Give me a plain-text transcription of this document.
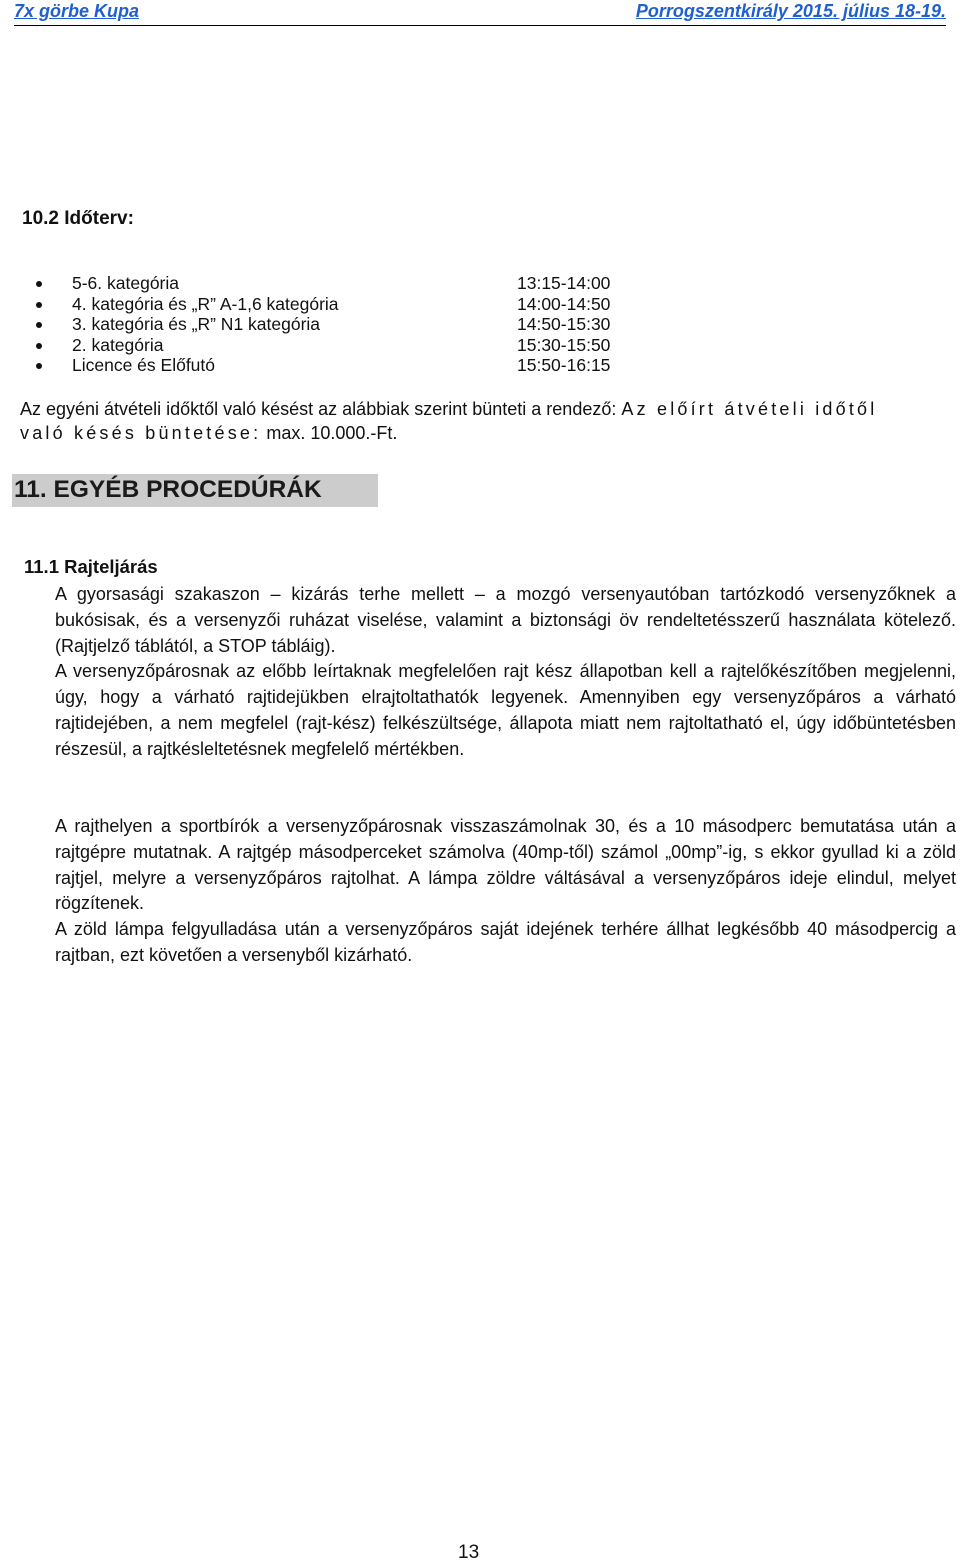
7x görbe Kupa	Porrogszentkirály 2015. július 18-19.
10.2 Időterv:
5-6. kategória	13:15-14:00
4. kategória és „R” A-1,6 kategória	14:00-14:50
3. kategória és „R” N1 kategória	14:50-15:30
2. kategória	15:30-15:50
Licence és Előfutó	15:50-16:15
Az egyéni átvételi időktől való késést az alábbiak szerint bünteti a rendező: Az előírt átvételi időtől való késés büntetése: max. 10.000.-Ft.
11. EGYÉB PROCEDÚRÁK
11.1 Rajteljárás

A gyorsasági szakaszon – kizárás terhe mellett – a mozgó versenyautóban tartózkodó versenyzőknek a bukósisak, és a versenyzői ruházat viselése, valamint a biztonsági öv rendeltetésszerű használata kötelező. (Rajtjelző táblától, a STOP tábláig).

A versenyzőpárosnak az előbb leírtaknak megfelelően rajt kész állapotban kell a rajtelőkészítőben megjelenni, úgy, hogy a várható rajtidejükben elrajtoltathatók legyenek. Amennyiben egy versenyzőpáros a várható rajtidejében, a nem megfelel (rajt-kész) felkészültsége, állapota miatt nem rajtoltatható el, úgy időbüntetésben részesül, a rajtkésleltetésnek megfelelő mértékben.

A rajthelyen a sportbírók a versenyzőpárosnak visszaszámolnak 30, és a 10 másodperc bemutatása után a rajtgépre mutatnak. A rajtgép másodperceket számolva (40mp-től) számol „00mp”-ig, s ekkor gyullad ki a zöld rajtjel, melyre a versenyzőpáros rajtolhat. A lámpa zöldre váltásával a versenyzőpáros ideje elindul, melyet rögzítenek.

A zöld lámpa felgyulladása után a versenyzőpáros saját idejének terhére állhat legkésőbb 40 másodpercig a rajtban, ezt követően a versenyből kizárható.

13
